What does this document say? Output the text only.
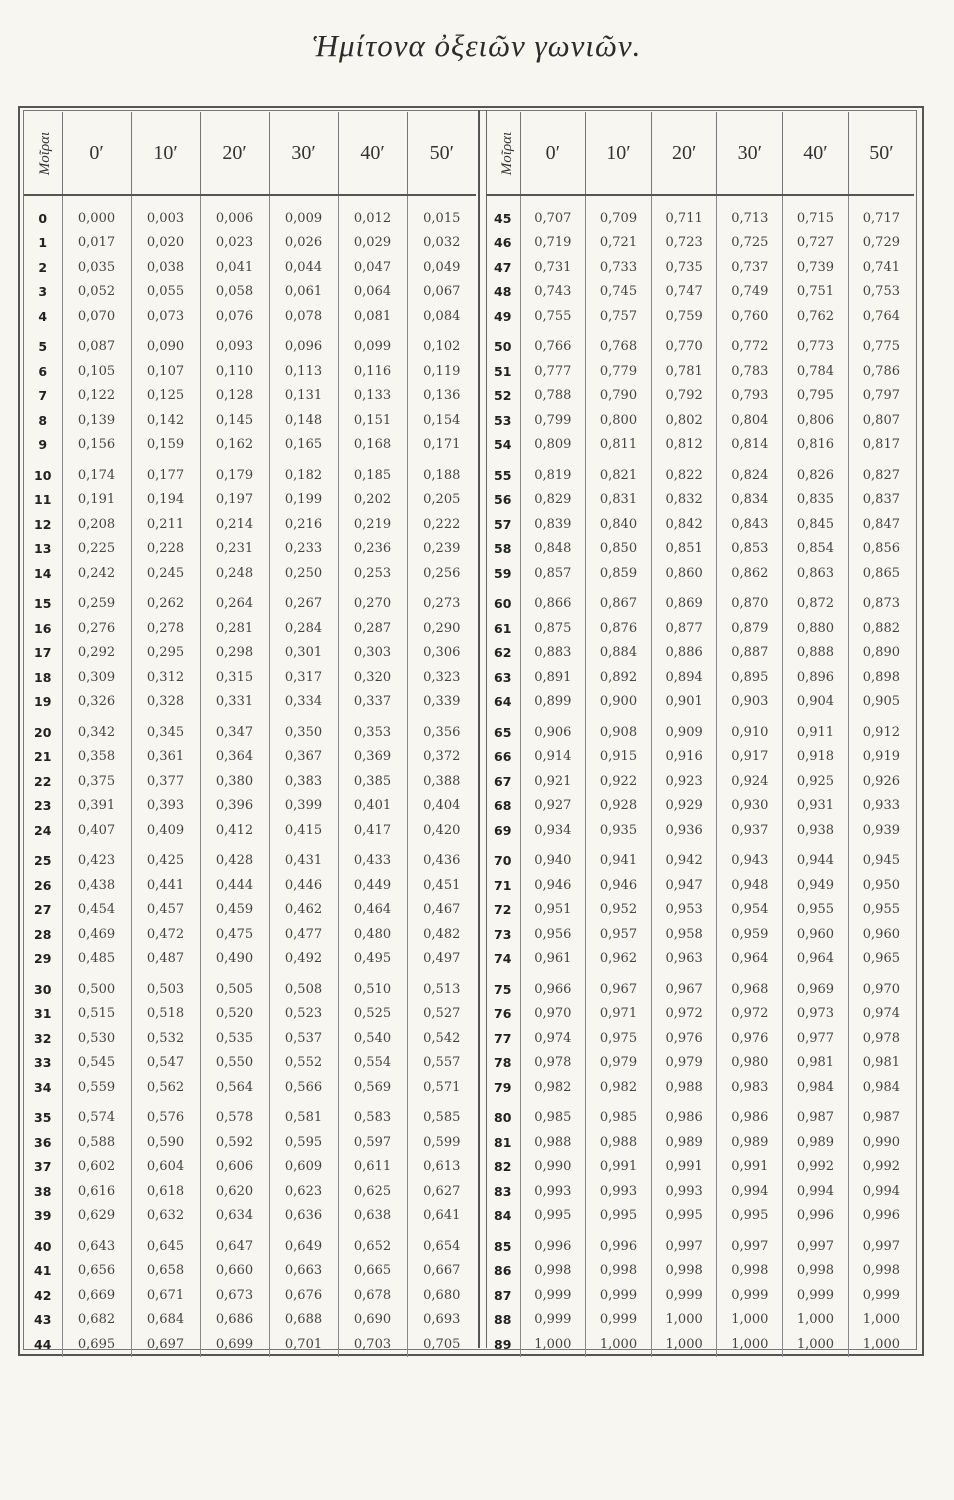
Ἡμίτονα ὀξειῶν γωνιῶν.
Μοῖραι	0′	10′	20′	30′	40′	50′
0	0,000	0,003	0,006	0,009	0,012	0,015
1	0,017	0,020	0,023	0,026	0,029	0,032
2	0,035	0,038	0,041	0,044	0,047	0,049
3	0,052	0,055	0,058	0,061	0,064	0,067
4	0,070	0,073	0,076	0,078	0,081	0,084
5	0,087	0,090	0,093	0,096	0,099	0,102
6	0,105	0,107	0,110	0,113	0,116	0,119
7	0,122	0,125	0,128	0,131	0,133	0,136
8	0,139	0,142	0,145	0,148	0,151	0,154
9	0,156	0,159	0,162	0,165	0,168	0,171
10	0,174	0,177	0,179	0,182	0,185	0,188
11	0,191	0,194	0,197	0,199	0,202	0,205
12	0,208	0,211	0,214	0,216	0,219	0,222
13	0,225	0,228	0,231	0,233	0,236	0,239
14	0,242	0,245	0,248	0,250	0,253	0,256
15	0,259	0,262	0,264	0,267	0,270	0,273
16	0,276	0,278	0,281	0,284	0,287	0,290
17	0,292	0,295	0,298	0,301	0,303	0,306
18	0,309	0,312	0,315	0,317	0,320	0,323
19	0,326	0,328	0,331	0,334	0,337	0,339
20	0,342	0,345	0,347	0,350	0,353	0,356
21	0,358	0,361	0,364	0,367	0,369	0,372
22	0,375	0,377	0,380	0,383	0,385	0,388
23	0,391	0,393	0,396	0,399	0,401	0,404
24	0,407	0,409	0,412	0,415	0,417	0,420
25	0,423	0,425	0,428	0,431	0,433	0,436
26	0,438	0,441	0,444	0,446	0,449	0,451
27	0,454	0,457	0,459	0,462	0,464	0,467
28	0,469	0,472	0,475	0,477	0,480	0,482
29	0,485	0,487	0,490	0,492	0,495	0,497
30	0,500	0,503	0,505	0,508	0,510	0,513
31	0,515	0,518	0,520	0,523	0,525	0,527
32	0,530	0,532	0,535	0,537	0,540	0,542
33	0,545	0,547	0,550	0,552	0,554	0,557
34	0,559	0,562	0,564	0,566	0,569	0,571
35	0,574	0,576	0,578	0,581	0,583	0,585
36	0,588	0,590	0,592	0,595	0,597	0,599
37	0,602	0,604	0,606	0,609	0,611	0,613
38	0,616	0,618	0,620	0,623	0,625	0,627
39	0,629	0,632	0,634	0,636	0,638	0,641
40	0,643	0,645	0,647	0,649	0,652	0,654
41	0,656	0,658	0,660	0,663	0,665	0,667
42	0,669	0,671	0,673	0,676	0,678	0,680
43	0,682	0,684	0,686	0,688	0,690	0,693
44	0,695	0,697	0,699	0,701	0,703	0,705
Μοῖραι	0′	10′	20′	30′	40′	50′
45	0,707	0,709	0,711	0,713	0,715	0,717
46	0,719	0,721	0,723	0,725	0,727	0,729
47	0,731	0,733	0,735	0,737	0,739	0,741
48	0,743	0,745	0,747	0,749	0,751	0,753
49	0,755	0,757	0,759	0,760	0,762	0,764
50	0,766	0,768	0,770	0,772	0,773	0,775
51	0,777	0,779	0,781	0,783	0,784	0,786
52	0,788	0,790	0,792	0,793	0,795	0,797
53	0,799	0,800	0,802	0,804	0,806	0,807
54	0,809	0,811	0,812	0,814	0,816	0,817
55	0,819	0,821	0,822	0,824	0,826	0,827
56	0,829	0,831	0,832	0,834	0,835	0,837
57	0,839	0,840	0,842	0,843	0,845	0,847
58	0,848	0,850	0,851	0,853	0,854	0,856
59	0,857	0,859	0,860	0,862	0,863	0,865
60	0,866	0,867	0,869	0,870	0,872	0,873
61	0,875	0,876	0,877	0,879	0,880	0,882
62	0,883	0,884	0,886	0,887	0,888	0,890
63	0,891	0,892	0,894	0,895	0,896	0,898
64	0,899	0,900	0,901	0,903	0,904	0,905
65	0,906	0,908	0,909	0,910	0,911	0,912
66	0,914	0,915	0,916	0,917	0,918	0,919
67	0,921	0,922	0,923	0,924	0,925	0,926
68	0,927	0,928	0,929	0,930	0,931	0,933
69	0,934	0,935	0,936	0,937	0,938	0,939
70	0,940	0,941	0,942	0,943	0,944	0,945
71	0,946	0,946	0,947	0,948	0,949	0,950
72	0,951	0,952	0,953	0,954	0,955	0,955
73	0,956	0,957	0,958	0,959	0,960	0,960
74	0,961	0,962	0,963	0,964	0,964	0,965
75	0,966	0,967	0,967	0,968	0,969	0,970
76	0,970	0,971	0,972	0,972	0,973	0,974
77	0,974	0,975	0,976	0,976	0,977	0,978
78	0,978	0,979	0,979	0,980	0,981	0,981
79	0,982	0,982	0,988	0,983	0,984	0,984
80	0,985	0,985	0,986	0,986	0,987	0,987
81	0,988	0,988	0,989	0,989	0,989	0,990
82	0,990	0,991	0,991	0,991	0,992	0,992
83	0,993	0,993	0,993	0,994	0,994	0,994
84	0,995	0,995	0,995	0,995	0,996	0,996
85	0,996	0,996	0,997	0,997	0,997	0,997
86	0,998	0,998	0,998	0,998	0,998	0,998
87	0,999	0,999	0,999	0,999	0,999	0,999
88	0,999	0,999	1,000	1,000	1,000	1,000
89	1,000	1,000	1,000	1,000	1,000	1,000
